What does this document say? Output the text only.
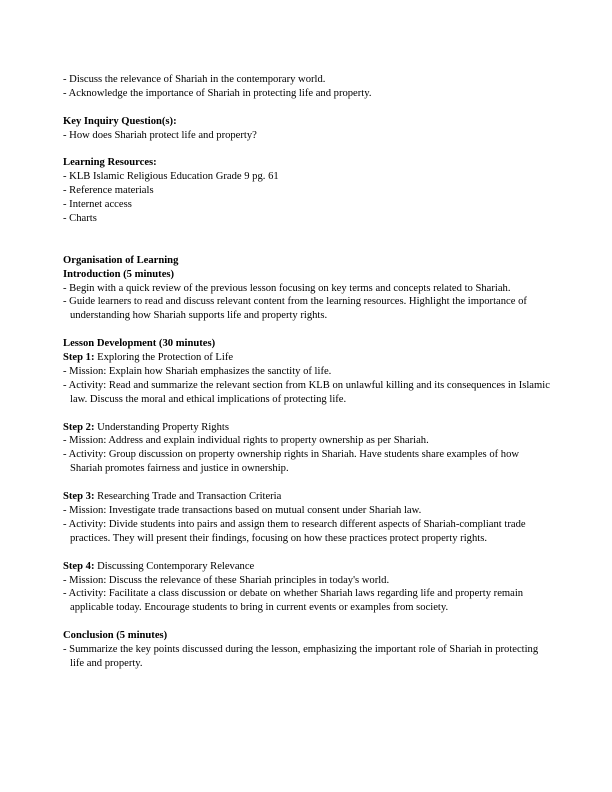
- Discuss the relevance of Shariah in the contemporary world.

- Acknowledge the importance of Shariah in protecting life and property.

Key Inquiry Question(s):

- How does Shariah protect life and property?

Learning Resources:

- KLB Islamic Religious Education Grade 9 pg. 61

- Reference materials

- Internet access

- Charts

Organisation of Learning

Introduction (5 minutes)

- Begin with a quick review of the previous lesson focusing on key terms and concepts related to Shariah.

- Guide learners to read and discuss relevant content from the learning resources. Highlight the importance of understanding how Shariah supports life and property rights.

Lesson Development (30 minutes)

Step 1: Exploring the Protection of Life

- Mission: Explain how Shariah emphasizes the sanctity of life.

- Activity: Read and summarize the relevant section from KLB on unlawful killing and its consequences in Islamic law. Discuss the moral and ethical implications of protecting life.

Step 2: Understanding Property Rights

- Mission: Address and explain individual rights to property ownership as per Shariah.

- Activity: Group discussion on property ownership rights in Shariah. Have students share examples of how Shariah promotes fairness and justice in ownership.

Step 3: Researching Trade and Transaction Criteria

- Mission: Investigate trade transactions based on mutual consent under Shariah law.

- Activity: Divide students into pairs and assign them to research different aspects of Shariah-compliant trade practices. They will present their findings, focusing on how these practices protect property rights.

Step 4: Discussing Contemporary Relevance

- Mission: Discuss the relevance of these Shariah principles in today's world.

- Activity: Facilitate a class discussion or debate on whether Shariah laws regarding life and property remain applicable today. Encourage students to bring in current events or examples from society.

Conclusion (5 minutes)

- Summarize the key points discussed during the lesson, emphasizing the important role of Shariah in protecting life and property.
